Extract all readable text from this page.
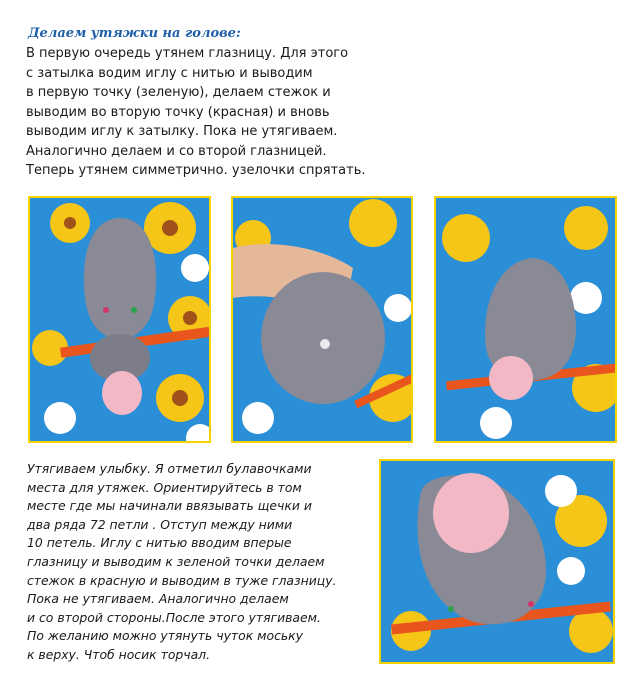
Делаем утяжки на голове:
В первую очередь утянем глазницу. Для этого
с затылка водим иглу с нитью и выводим
в первую точку (зеленую), делаем стежок и
выводим во вторую точку (красная) и вновь
выводим иглу к затылку. Пока не утягиваем.
Аналогично делаем и со второй глазницей.
Теперь утянем симметрично. узелочки спрятать.
Утягиваем улыбку. Я отметил булавочками
места для утяжек. Ориентируйтесь в том
месте где мы начинали ввязывать щечки и
два ряда 72 петли . Отступ между ними
10 петель. Иглу с нитью вводим вперые
глазницу и выводим к зеленой точки делаем
стежок в красную и выводим в тужe глазницу.
Пока не утягиваем. Аналогично делаем
и со второй стороны.После этого утягиваем.
По желанию можно утянуть чуток моську
к верху. Чтоб носик торчал.
